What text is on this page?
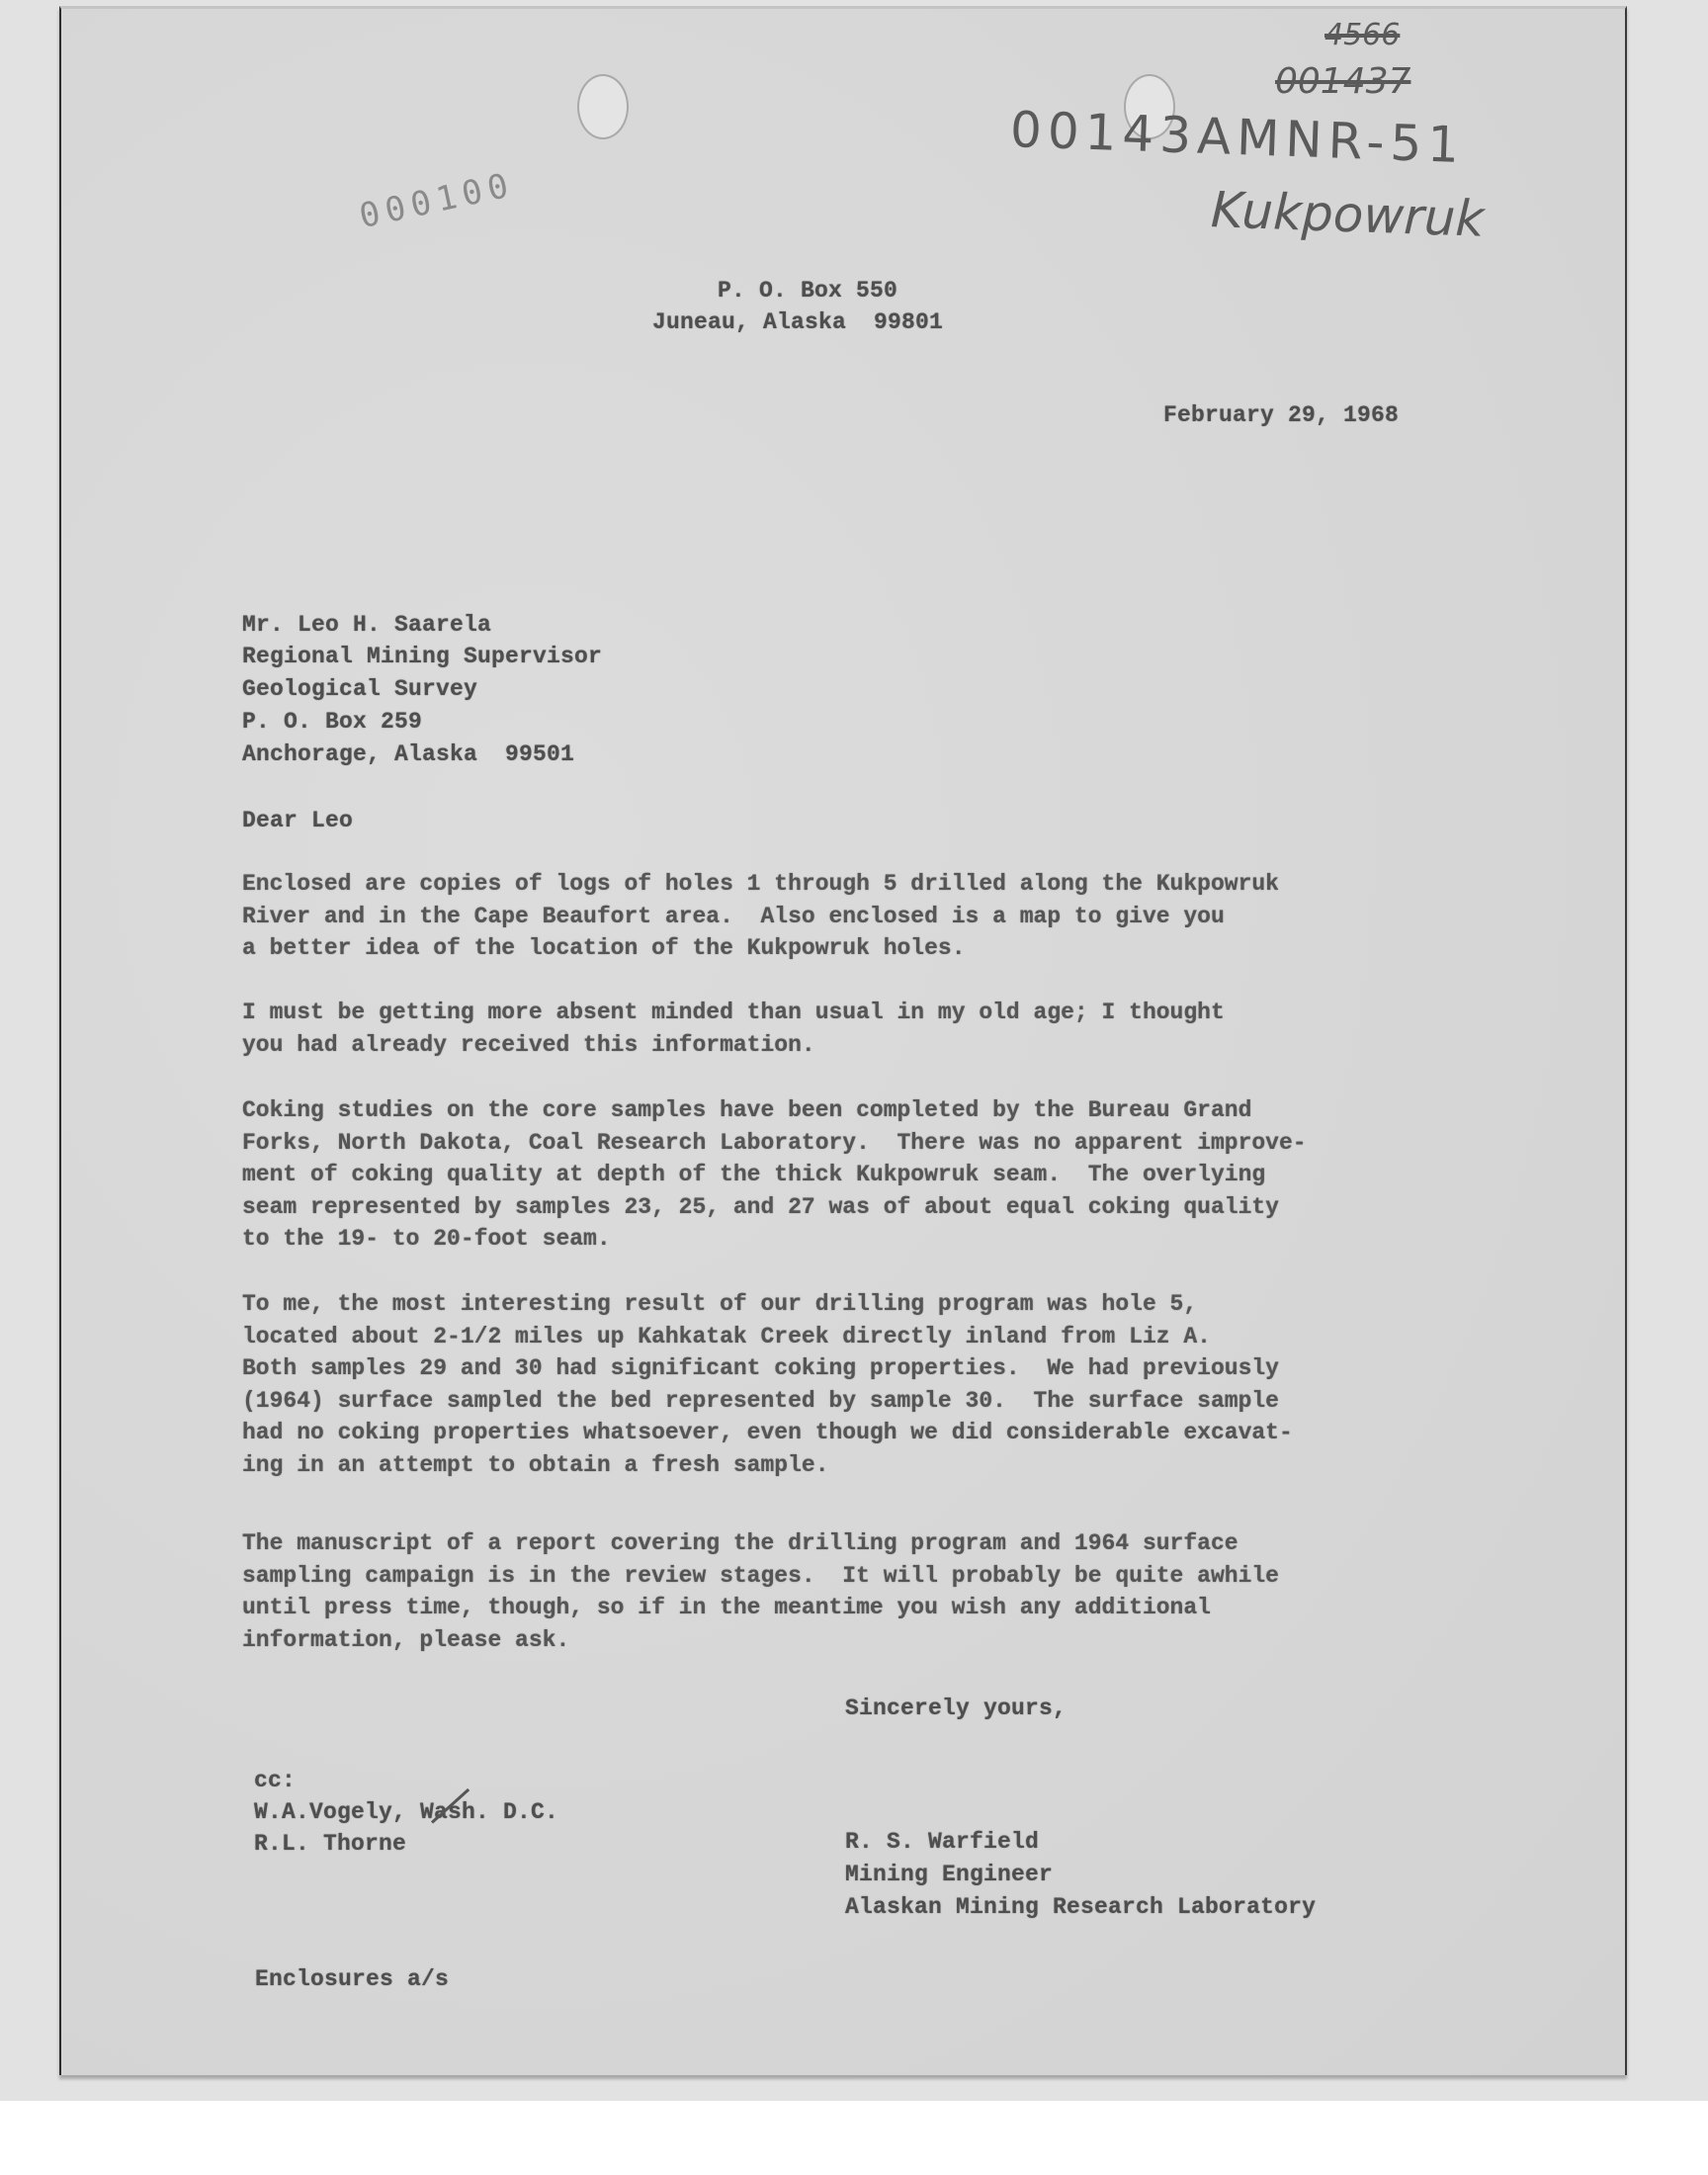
4566
001437
00143AMNR-51
Kukpowruk
000100
P. O. Box 550
Juneau, Alaska  99801
February 29, 1968
Mr. Leo H. Saarela
Regional Mining Supervisor
Geological Survey
P. O. Box 259
Anchorage, Alaska  99501
Dear Leo
Enclosed are copies of logs of holes 1 through 5 drilled along the Kukpowruk
River and in the Cape Beaufort area.  Also enclosed is a map to give you
a better idea of the location of the Kukpowruk holes.
I must be getting more absent minded than usual in my old age; I thought
you had already received this information.
Coking studies on the core samples have been completed by the Bureau Grand
Forks, North Dakota, Coal Research Laboratory.  There was no apparent improve-
ment of coking quality at depth of the thick Kukpowruk seam.  The overlying
seam represented by samples 23, 25, and 27 was of about equal coking quality
to the 19- to 20-foot seam.
To me, the most interesting result of our drilling program was hole 5,
located about 2-1/2 miles up Kahkatak Creek directly inland from Liz A.
Both samples 29 and 30 had significant coking properties.  We had previously
(1964) surface sampled the bed represented by sample 30.  The surface sample
had no coking properties whatsoever, even though we did considerable excavat-
ing in an attempt to obtain a fresh sample.
The manuscript of a report covering the drilling program and 1964 surface
sampling campaign is in the review stages.  It will probably be quite awhile
until press time, though, so if in the meantime you wish any additional
information, please ask.
Sincerely yours,
cc:
W.A.Vogely, Wash. D.C.
R.L. Thorne	R. S. Warfield
Mining Engineer
Alaskan Mining Research Laboratory
Enclosures a/s
